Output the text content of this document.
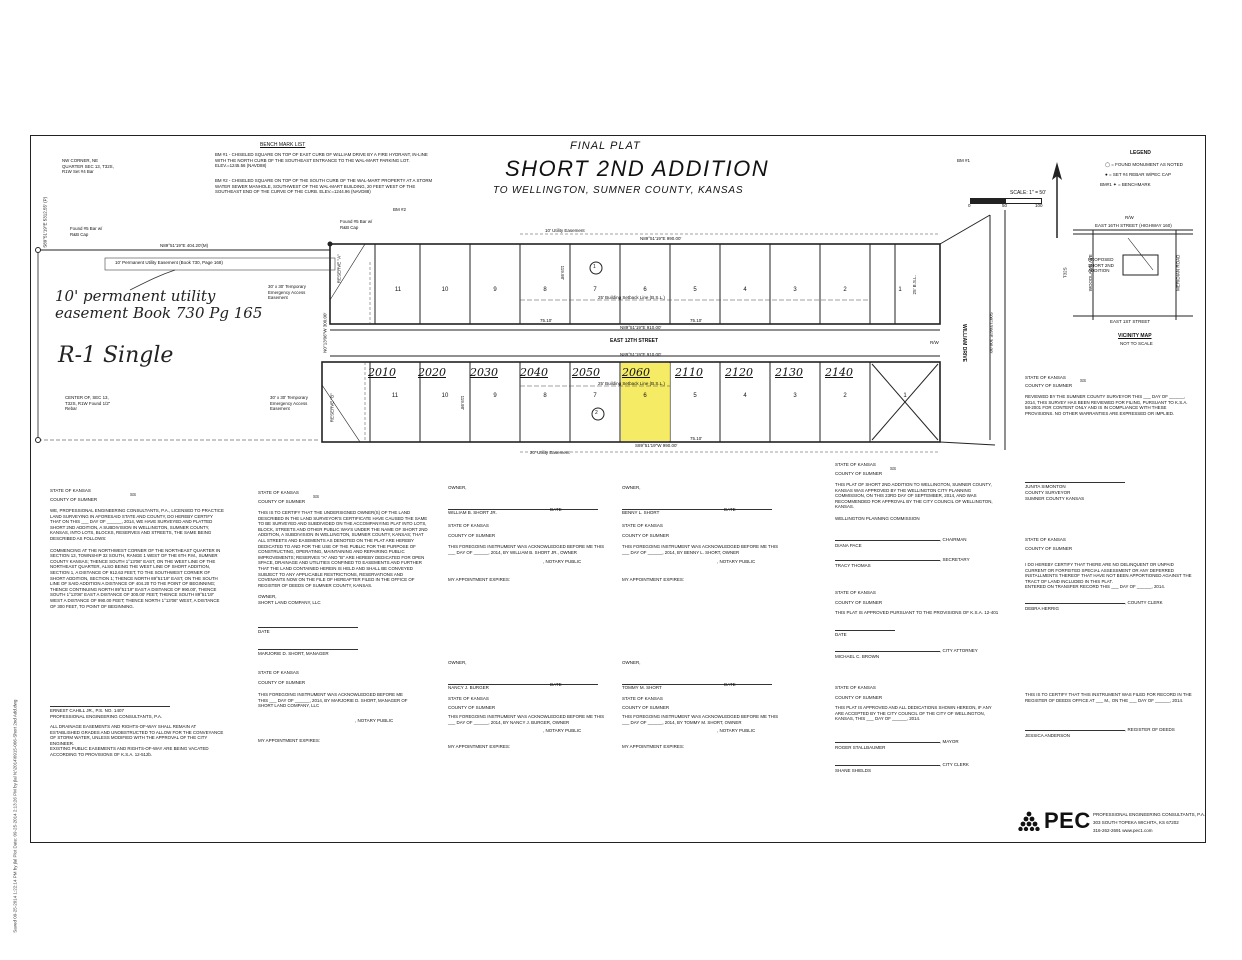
Saved 09-25-2014 1:22:14 PM by jlal Plot Date: 09-25-2014 2:13:26 PM by jlal N:\2014\0915-006-Short 2nd Add.dwg
S89°51'19"E 5312.55' (P)
FINAL PLAT
SHORT 2ND ADDITION
TO WELLINGTON, SUMNER COUNTY, KANSAS
BENCH MARK LIST
BM #1 - CHISELED SQUARE ON TOP OF EAST CURB OF WILLIAM DRIVE BY A FIRE HYDRANT, IN-LINE WITH THE NORTH CURB OF THE SOUTHEAST ENTRANCE TO THE WAL-MART PARKING LOT. ELEV.=1245.56 (NAVD88)
BM #2 - CHISELED SQUARE ON TOP OF THE SOUTH CURB OF THE WAL-MART PROPERTY AT A STORM WATER SEWER MANHOLE, SOUTHWEST OF THE WAL-MART BUILDING, 20 FEET WEST OF THE SOUTHEAST END OF THE CURVE OF THE CURB. ELEV.=1244.96 (NAVD88)
NW CORNER, NE QUARTER SEC 13, T32S, R1W Set #4 Bar
CENTER OF, SEC 13, T32S, R1W Found 1/2" Rebar
Found #5 Bar w/ R&B Cap
Found #5 Bar w/ R&B Cap
BM #2
BM #1
SCALE: 1" = 50'
0	50	100
LEGEND
◯ = FOUND MONUMENT AS NOTED
● = SET #4 REBAR W/PEC CAP
BM#1 ✦ = BENCHMARK
R/W
EAST 16TH STREET (HIGHWAY 160)
PROPOSED SHORT 2ND ADDITION
EAST 1ST STREET
WOODLAWN AVE	MERIDIAN ROAD
T32S
VICINITY MAP
NOT TO SCALE
1
2
N89°51'19"E 404.20'(M)
N89°51'19"E 990.00'
N89°51'19"E 910.00'
N89°51'19"E 910.00'
S89°51'19"W 990.00'
N0°13'06"W 300.00'	S00°13'06"E 300.00'
10' Permanent Utility Easement (Book 730, Page 168)
10' Utility Easement
20' Utility Easement
30' x 30' Temporary Emergency Access Easement
30' x 30' Temporary Emergency Access Easement
25' Building Setback Line (B.S.L.)
25' Building Setback Line (B.S.L.)
25' B.S.L.
EAST 12TH STREET	WILLIAM DRIVE
R/W
RESERVE "A"
RESERVE "B"
11	10	9	8	7	6	5	4	3	2	1
11	10	9	8	7	6	5	4	3	2	1
75.10'	75.10'
75.10'
119.98'
119.98'
10' permanent utility easement Book 730 Pg 165
R-1 Single
2010 2020 2030 2040 2050 2060 2110 2120 2130 2140
STATE OF KANSAS
SS
COUNTY OF SUMNER
WE, PROFESSIONAL ENGINEERING CONSULTANTS, P.A., LICENSED TO PRACTICE LAND SURVEYING IN AFORESAID STATE AND COUNTY, DO HEREBY CERTIFY THAT ON THIS ___ DAY OF ______, 2014, WE HAVE SURVEYED AND PLATTED SHORT 2ND ADDITION, A SUBDIVISION IN WELLINGTON, SUMNER COUNTY, KANSAS, INTO LOTS, BLOCKS, RESERVES AND STREETS, THE SAME BEING DESCRIBED AS FOLLOWS:
COMMENCING AT THE NORTHWEST CORNER OF THE NORTHEAST QUARTER IN SECTION 13, TOWNSHIP 32 SOUTH, RANGE 1 WEST OF THE 6TH P.M., SUMNER COUNTY KANSAS; THENCE SOUTH 1°13'06" EAST, ON THE WEST LINE OF THE NORTHEAST QUARTER, ALSO BEING THE WEST LINE OF SHORT ADDITION, SECTION 1, A DISTANCE OF 912.63 FEET, TO THE SOUTHWEST CORNER OF SHORT ADDITION, SECTION 1; THENCE NORTH 89°51'19" EAST, ON THE SOUTH LINE OF SAID ADDITION A DISTANCE OF 404.20 TO THE POINT OF BEGINNING; THENCE CONTINUING NORTH 89°51'19" EAST A DISTANCE OF 990.00', THENCE SOUTH 1°13'06" EAST A DISTANCE OF 300.00' FEET; THENCE SOUTH 89°51'19" WEST A DISTANCE OF 990.00 FEET; THENCE NORTH 1°13'06" WEST, A DISTANCE OF 300 FEET, TO POINT OF BEGINNING.
ERNEST CAHILL JR., P.S. NO. 1407
PROFESSIONAL ENGINEERING CONSULTANTS, P.A.
ALL DRAINAGE EASEMENTS AND RIGHTS-OF-WAY SHALL REMAIN AT ESTABLISHED GRADES AND UNOBSTRUCTED TO ALLOW FOR THE CONVEYANCE OF STORM WATER, UNLESS MODIFIED WITH THE APPROVAL OF THE CITY ENGINEER.
EXISTING PUBLIC EASEMENTS AND RIGHTS-OF-WAY ARE BEING VACATED ACCORDING TO PROVISIONS OF K.S.A. 12-512b.
STATE OF KANSAS
SS
COUNTY OF SUMNER
THIS IS TO CERTIFY THAT THE UNDERSIGNED OWNER(S) OF THE LAND DESCRIBED IN THE LAND SURVEYOR'S CERTIFICATE HAVE CAUSED THE SAME TO BE SURVEYED AND SUBDIVIDED ON THE ACCOMPANYING PLAT INTO LOTS, BLOCK, STREETS AND OTHER PUBLIC WAYS UNDER THE NAME OF SHORT 2ND ADDITION, A SUBDIVISION IN WELLINGTON, SUMNER COUNTY, KANSAS; THAT ALL STREETS AND EASEMENTS AS DENOTED ON THE PLAT ARE HEREBY DEDICATED TO AND FOR THE USE OF THE PUBLIC FOR THE PURPOSE OF CONSTRUCTING, OPERATING, MAINTAINING AND REPAIRING PUBLIC IMPROVEMENTS; RESERVES "A" AND "B" ARE HEREBY DEDICATED FOR OPEN SPACE, DRAINAGE AND UTILITIES CONFINED TO EASEMENTS AND FURTHER THAT THE LAND CONTAINED HEREIN IS HELD AND SHALL BE CONVEYED SUBJECT TO ANY APPLICABLE RESTRICTIONS, RESERVATIONS AND COVENANTS NOW ON THE FILE OF HEREAFTER FILED IN THE OFFICE OF REGISTER OF DEEDS OF SUMNER COUNTY, KANSAS.
OWNER,
SHORT LAND COMPANY, LLC
DATE
MARJORIE D. SHORT, MANAGER
STATE OF KANSAS
COUNTY OF SUMNER
THIS FOREGOING INSTRUMENT WAS ACKNOWLEDGED BEFORE ME THIS ___ DAY OF ______, 2014, BY MARJORIE D. SHORT, MANAGER OF SHORT LAND COMPANY, LLC
, NOTARY PUBLIC
MY APPOINTMENT EXPIRES:
OWNER,
WILLIAM B. SHORT JR.	DATE
STATE OF KANSAS
COUNTY OF SUMNER
THIS FOREGOING INSTRUMENT WAS ACKNOWLEDGED BEFORE ME THIS ___ DAY OF ______, 2014, BY WILLIAM B. SHORT JR., OWNER
, NOTARY PUBLIC
MY APPOINTMENT EXPIRES:
OWNER,
BENNY L. SHORT	DATE
STATE OF KANSAS
COUNTY OF SUMNER
THIS FOREGOING INSTRUMENT WAS ACKNOWLEDGED BEFORE ME THIS ___ DAY OF ______, 2014, BY BENNY L. SHORT, OWNER
, NOTARY PUBLIC
MY APPOINTMENT EXPIRES:
OWNER,
NANCY J. BURGER	DATE
STATE OF KANSAS
COUNTY OF SUMNER
THIS FOREGOING INSTRUMENT WAS ACKNOWLEDGED BEFORE ME THIS ___ DAY OF ______, 2014, BY NANCY J. BURGER, OWNER
, NOTARY PUBLIC
MY APPOINTMENT EXPIRES:
OWNER,
TOMMY M. SHORT	DATE
STATE OF KANSAS
COUNTY OF SUMNER
THIS FOREGOING INSTRUMENT WAS ACKNOWLEDGED BEFORE ME THIS ___ DAY OF ______, 2014, BY TOMMY M. SHORT, OWNER
, NOTARY PUBLIC
MY APPOINTMENT EXPIRES:
STATE OF KANSAS
SS
COUNTY OF SUMNER
THIS PLAT OF SHORT 2ND ADDITION TO WELLINGTON, SUMNER COUNTY, KANSAS WAS APPROVED BY THE WELLINGTON CITY PLANNING COMMISSION, ON THIS 23RD DAY OF SEPTEMBER, 2014, AND WAS RECOMMENDED FOR APPROVAL BY THE CITY COUNCIL OF WELLINGTON, KANSAS.
WELLINGTON PLANNING COMMISSION
, CHAIRMAN
DIANA PACE
, SECRETARY
TRACY THOMAS
STATE OF KANSAS
COUNTY OF SUMNER
THIS PLAT IS APPROVED PURSUANT TO THE PROVISIONS OF K.S.A. 12-401
DATE
, CITY ATTORNEY
MICHAEL C. BROWN
STATE OF KANSAS
COUNTY OF SUMNER
THIS PLAT IS APPROVED AND ALL DEDICATIONS SHOWN HEREON, IF ANY ARE ACCEPTED BY THE CITY COUNCIL OF THE CITY OF WELLINGTON, KANSAS, THIS ___ DAY OF ______, 2014.
, MAYOR
ROGER STALLBAUMER
, CITY CLERK
SHANE SHIELDS
JUNITA SIMONTON
COUNTY SURVEYOR
SUMNER COUNTY KANSAS
STATE OF KANSAS
SS
COUNTY OF SUMNER
REVIEWED BY THE SUMNER COUNTY SURVEYOR THIS ___ DAY OF ______, 2014, THIS SURVEY HAS BEEN REVIEWED FOR FILING, PURSUANT TO K.S.A. 58-2001 FOR CONTENT ONLY AND IS IN COMPLIANCE WITH THESE PROVISIONS. NO OTHER WARRANTIES ARE EXPRESSED OR IMPLIED.
STATE OF KANSAS
COUNTY OF SUMNER
I DO HEREBY CERTIFY THAT THERE ARE NO DELINQUENT OR UNPAID CURRENT OR FORFEITED SPECIAL ASSESSMENT OR ANY DEFERRED INSTALLMENTS THEREOF THAT HAVE NOT BEEN APPORTIONED AGAINST THE TRACT OF LAND INCLUDED IN THIS PLAT.
ENTERED ON TRANSFER RECORD THIS ___ DAY OF ______, 2014.
, COUNTY CLERK
DEBRA HERRIG
THIS IS TO CERTIFY THAT THIS INSTRUMENT WAS FILED FOR RECORD IN THE REGISTER OF DEEDS OFFICE AT ___ M., ON THE ___ DAY OF ______, 2014.
, REGISTER OF DEEDS
JESSICA ANDERSON
PEC PROFESSIONAL ENGINEERING CONSULTANTS, P.A.
303 SOUTH TOPEKA WICHITA, KS 67202
316-262-2691 www.pec1.com
